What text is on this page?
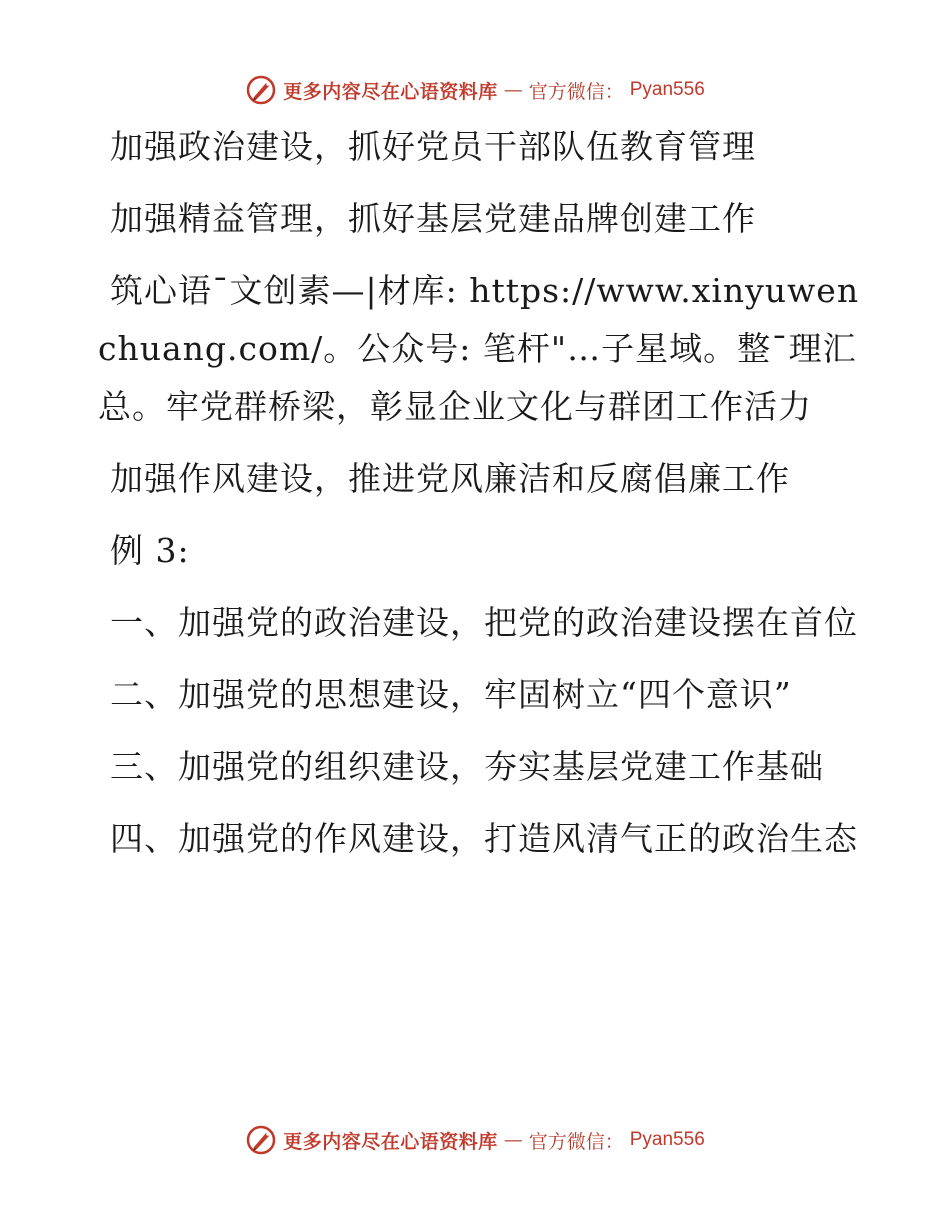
更多内容尽在心语资料库 — 官方微信： Pyan556

加强政治建设，抓好党员干部队伍教育管理

加强精益管理，抓好基层党建品牌创建工作

筑心语¯文创素—|材库: https://www.xinyuwenchuang.com/。公众号: 笔杆"…子星域。整¯理汇总。牢党群桥梁，彰显企业文化与群团工作活力

加强作风建设，推进党风廉洁和反腐倡廉工作

例 3:

一、加强党的政治建设，把党的政治建设摆在首位

二、加强党的思想建设，牢固树立“四个意识”

三、加强党的组织建设，夯实基层党建工作基础

四、加强党的作风建设，打造风清气正的政治生态

更多内容尽在心语资料库 — 官方微信： Pyan556
